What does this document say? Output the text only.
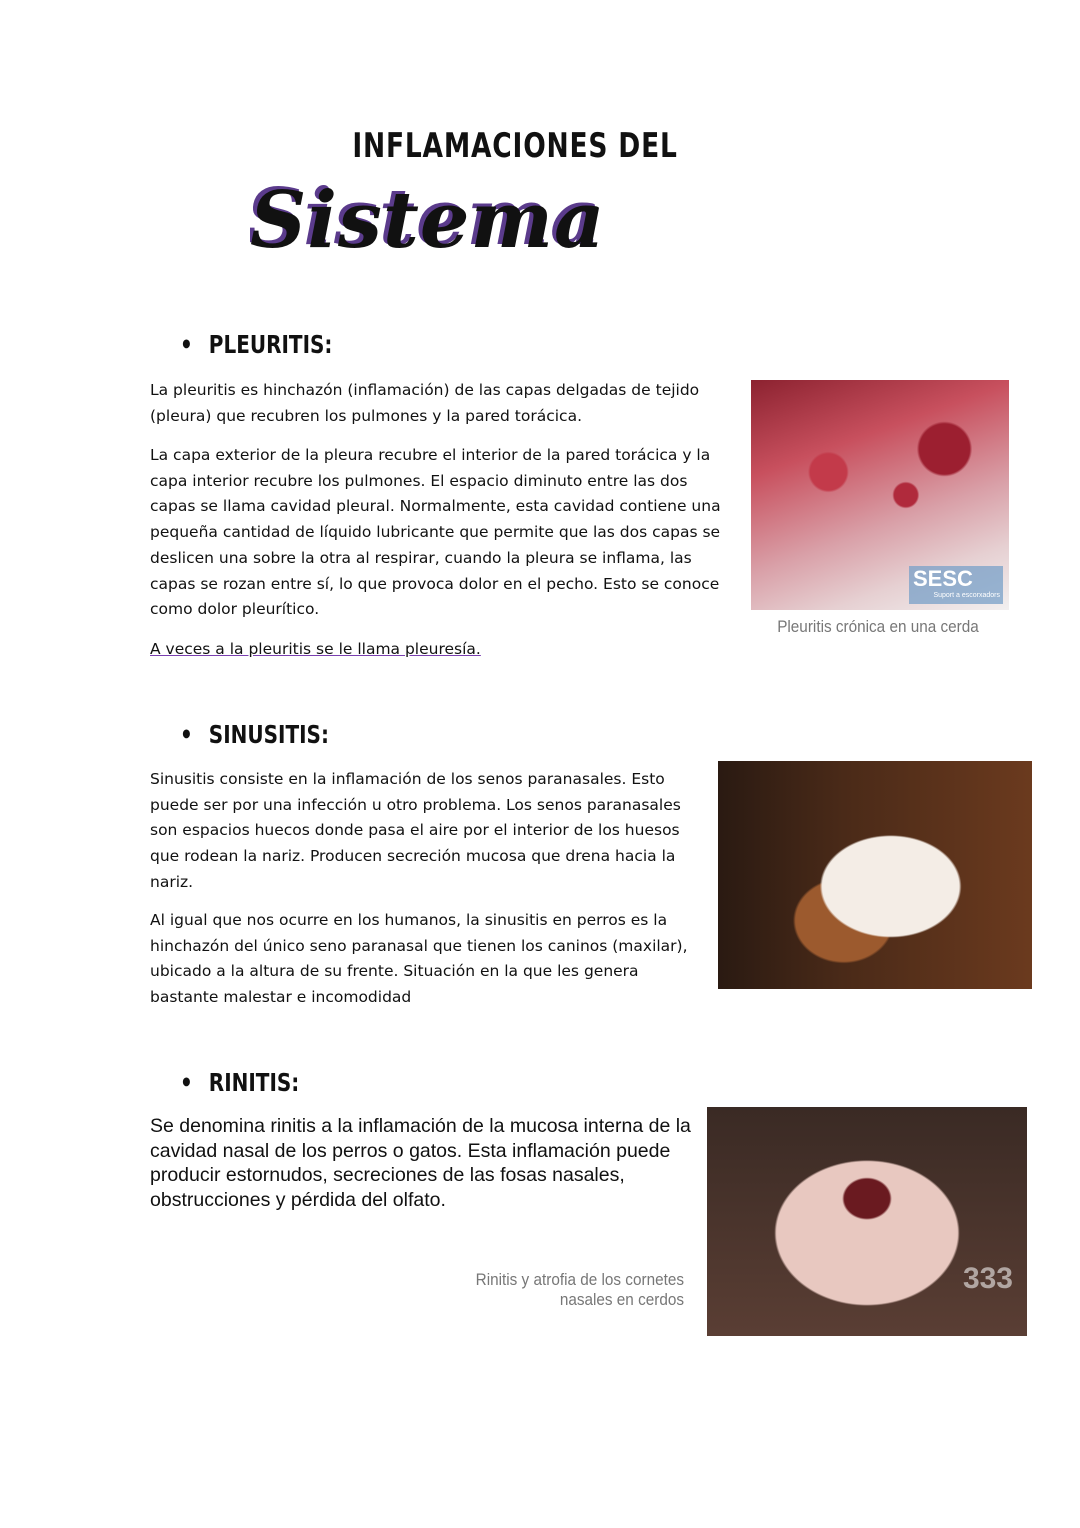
INFLAMACIONES DEL
Sistema
• PLEURITIS:

La pleuritis es hinchazón (inflamación) de las capas delgadas de tejido (pleura) que recubren los pulmones y la pared torácica.

La capa exterior de la pleura recubre el interior de la pared torácica y la capa interior recubre los pulmones. El espacio diminuto entre las dos capas se llama cavidad pleural. Normalmente, esta cavidad contiene una pequeña cantidad de líquido lubricante que permite que las dos capas se deslicen una sobre la otra al respirar, cuando la pleura se inflama, las capas se rozan entre sí, lo que provoca dolor en el pecho. Esto se conoce como dolor pleurítico.

A veces a la pleuritis se le llama pleuresía.

SESC
Suport a escorxadors
Pleuritis crónica en una cerda
• SINUSITIS:

Sinusitis consiste en la inflamación de los senos paranasales. Esto puede ser por una infección u otro problema. Los senos paranasales son espacios huecos donde pasa el aire por el interior de los huesos que rodean la nariz. Producen secreción mucosa que drena hacia la nariz.

Al igual que nos ocurre en los humanos, la sinusitis en perros es la hinchazón del único seno paranasal que tienen los caninos (maxilar), ubicado a la altura de su frente. Situación en la que les genera bastante malestar e incomodidad

• RINITIS:

Se denomina rinitis a la inflamación de la mucosa interna de la cavidad nasal de los perros o gatos. Esta inflamación puede producir estornudos, secreciones de las fosas nasales, obstrucciones y pérdida del olfato.

Rinitis y atrofia de los cornetes
nasales en cerdos
333
